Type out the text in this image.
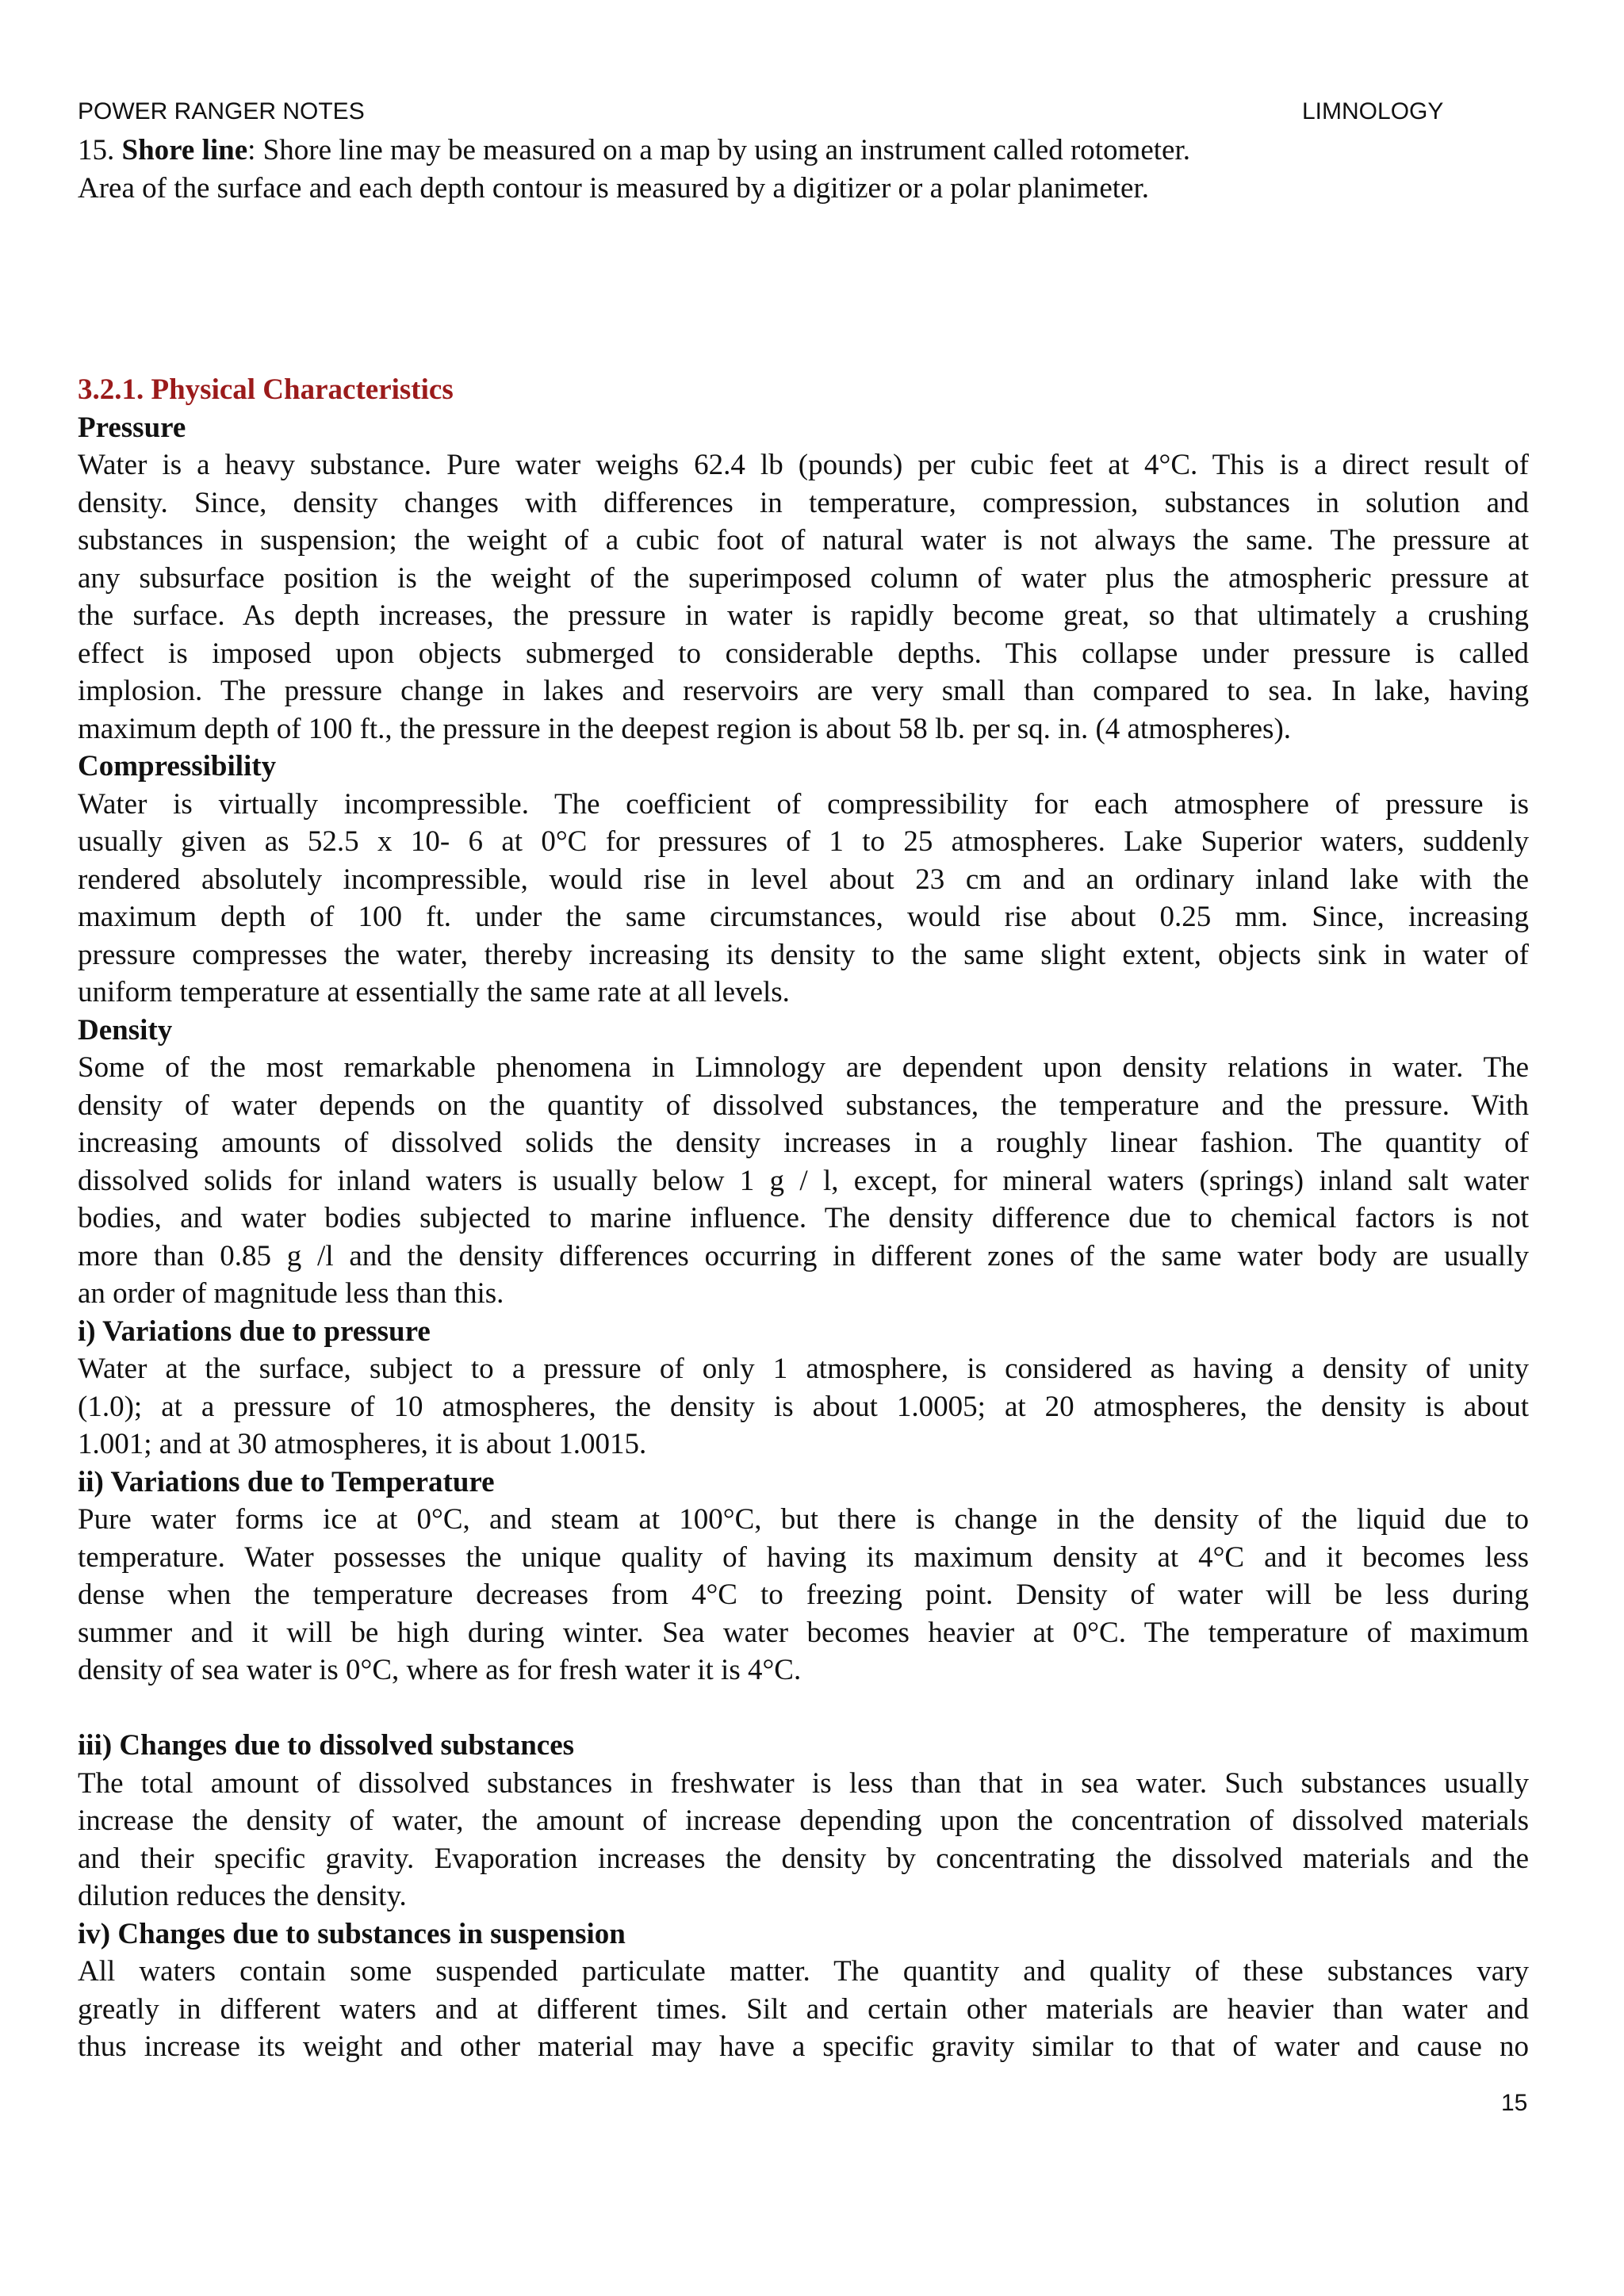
POWER RANGER NOTES	LIMNOLOGY
15. Shore line: Shore line may be measured on a map by using an instrument called rotometer.
Area of the surface and each depth contour is measured by a digitizer or a polar planimeter.
3.2.1. Physical Characteristics
Pressure
Water is a heavy substance. Pure water weighs 62.4 lb (pounds) per cubic feet at 4°C. This is a direct result of
density. Since, density changes with differences in temperature, compression, substances in solution and
substances in suspension; the weight of a cubic foot of natural water is not always the same. The pressure at
any subsurface position is the weight of the superimposed column of water plus the atmospheric pressure at
the surface. As depth increases, the pressure in water is rapidly become great, so that ultimately a crushing
effect is imposed upon objects submerged to considerable depths. This collapse under pressure is called
implosion. The pressure change in lakes and reservoirs are very small than compared to sea. In lake, having
maximum depth of 100 ft., the pressure in the deepest region is about 58 lb. per sq. in. (4 atmospheres).
Compressibility
Water is virtually incompressible. The coefficient of compressibility for each atmosphere of pressure is
usually given as 52.5 x 10- 6 at 0°C for pressures of 1 to 25 atmospheres. Lake Superior waters, suddenly
rendered absolutely incompressible, would rise in level about 23 cm and an ordinary inland lake with the
maximum depth of 100 ft. under the same circumstances, would rise about 0.25 mm. Since, increasing
pressure compresses the water, thereby increasing its density to the same slight extent, objects sink in water of
uniform temperature at essentially the same rate at all levels.
Density
Some of the most remarkable phenomena in Limnology are dependent upon density relations in water. The
density of water depends on the quantity of dissolved substances, the temperature and the pressure. With
increasing amounts of dissolved solids the density increases in a roughly linear fashion. The quantity of
dissolved solids for inland waters is usually below 1 g / l, except, for mineral waters (springs) inland salt water
bodies, and water bodies subjected to marine influence. The density difference due to chemical factors is not
more than 0.85 g /l and the density differences occurring in different zones of the same water body are usually
an order of magnitude less than this.
i) Variations due to pressure
Water at the surface, subject to a pressure of only 1 atmosphere, is considered as having a density of unity
(1.0); at a pressure of 10 atmospheres, the density is about 1.0005; at 20 atmospheres, the density is about
1.001; and at 30 atmospheres, it is about 1.0015.
ii) Variations due to Temperature
Pure water forms ice at 0°C, and steam at 100°C, but there is change in the density of the liquid due to
temperature. Water possesses the unique quality of having its maximum density at 4°C and it becomes less
dense when the temperature decreases from 4°C to freezing point. Density of water will be less during
summer and it will be high during winter. Sea water becomes heavier at 0°C. The temperature of maximum
density of sea water is 0°C, where as for fresh water it is 4°C.
iii) Changes due to dissolved substances
The total amount of dissolved substances in freshwater is less than that in sea water. Such substances usually
increase the density of water, the amount of increase depending upon the concentration of dissolved materials
and their specific gravity. Evaporation increases the density by concentrating the dissolved materials and the
dilution reduces the density.
iv) Changes due to substances in suspension
All waters contain some suspended particulate matter. The quantity and quality of these substances vary
greatly in different waters and at different times. Silt and certain other materials are heavier than water and
thus increase its weight and other material may have a specific gravity similar to that of water and cause no
15
